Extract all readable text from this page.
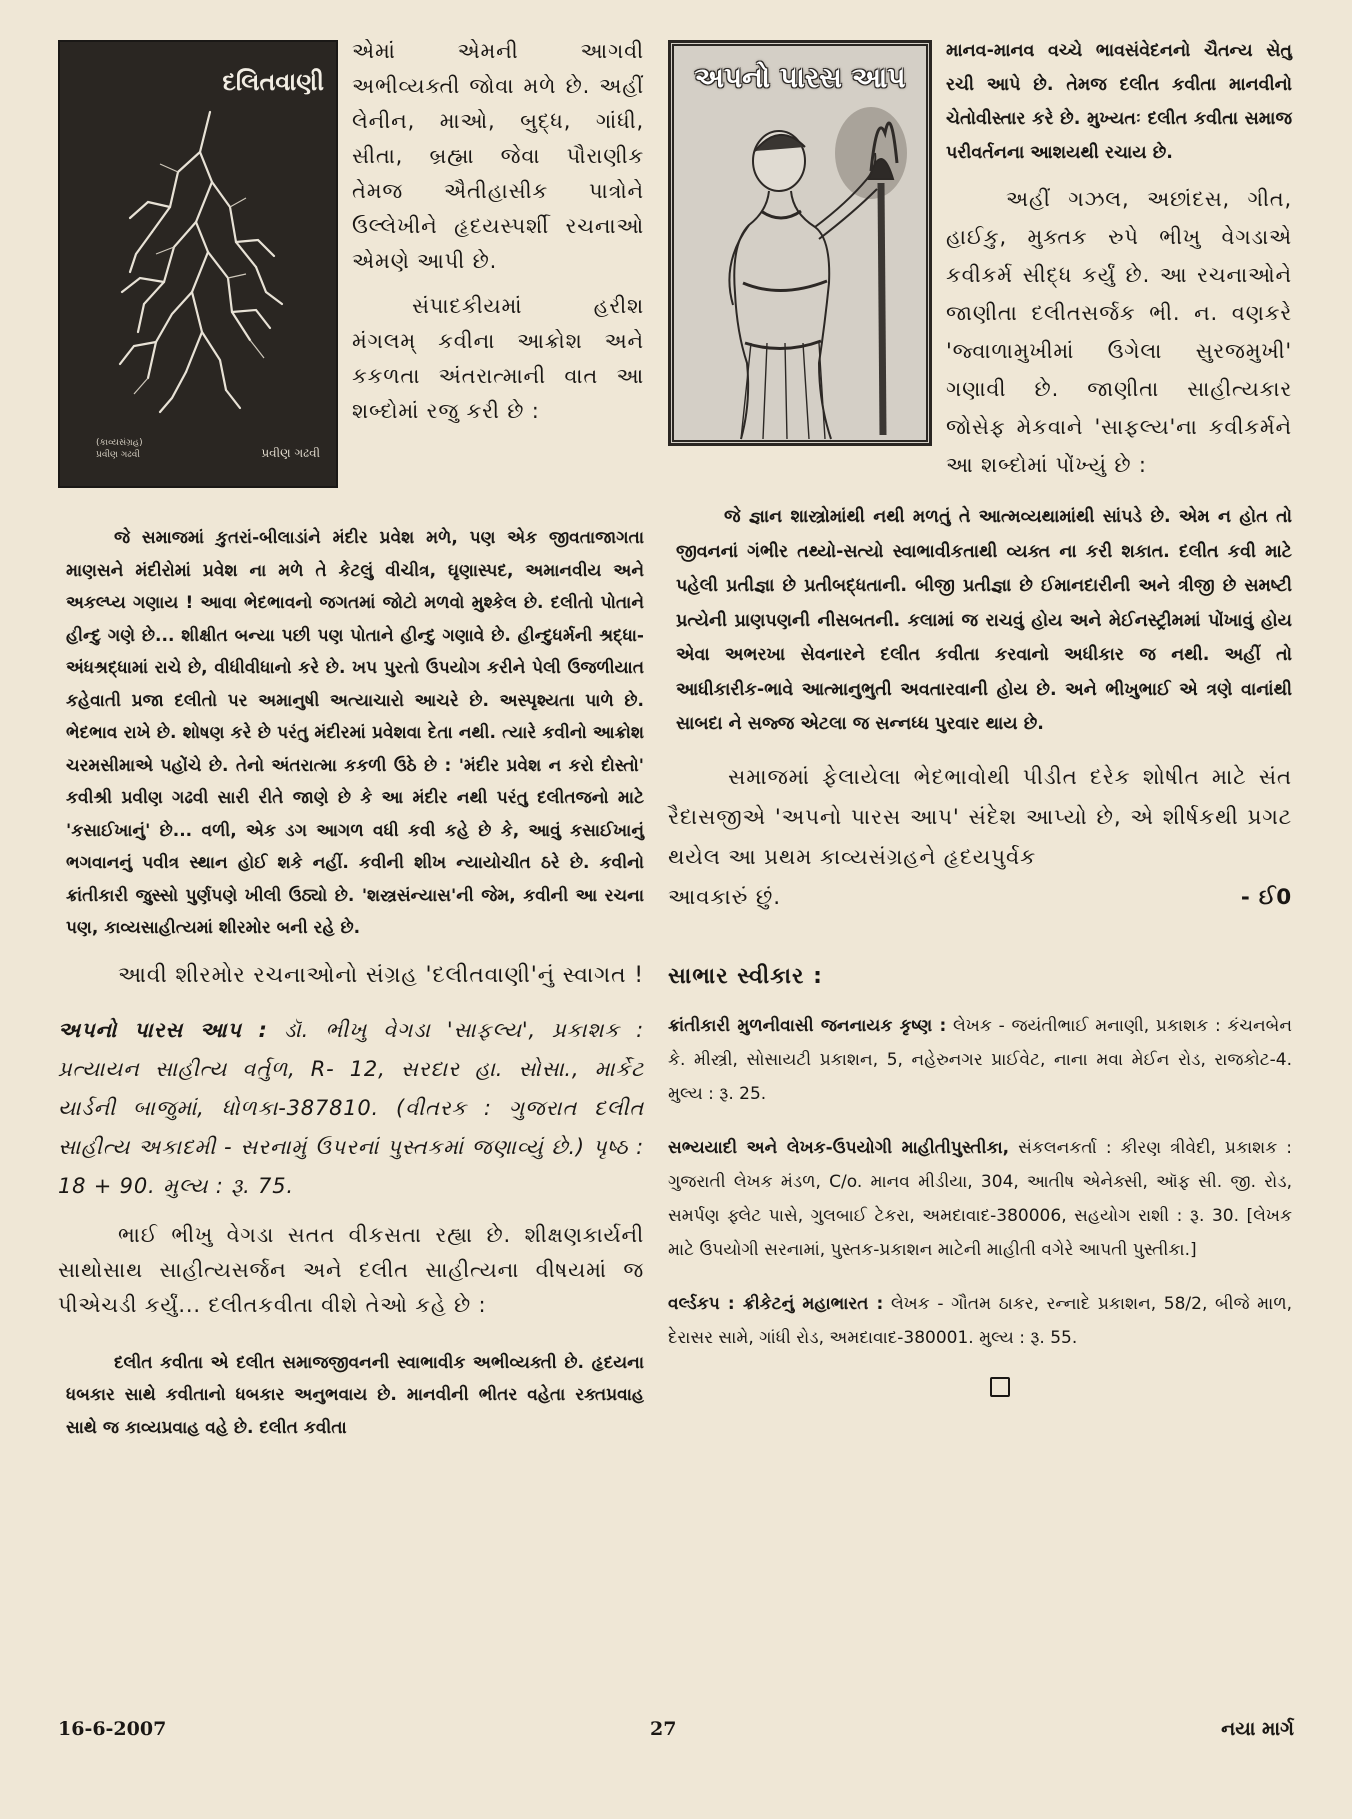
દલિતવાણી
(કાવ્યસંગ્રહ)
પ્રવીણ ગઢવી	પ્રવીણ ગઢવી

એમાં એમની આગવી અભીવ્યક્તી જોવા મળે છે. અહીં લેનીન, માઓ, બુદ્ધ, ગાંધી, સીતા, બ્રહ્મા જેવા પૌરાણીક તેમજ ઐતીહાસીક પાત્રોને ઉલ્લેખીને હૃદયસ્પર્શી રચનાઓ એમણે આપી છે.

સંપાદકીયમાં હરીશ મંગલમ્ કવીના આક્રોશ અને કકળતા અંતરાત્માની વાત આ શબ્દોમાં રજુ કરી છે :

જે સમાજમાં કુતરાં-બીલાડાંને મંદીર પ્રવેશ મળે, પણ એક જીવતાજાગતા માણસને મંદીરોમાં પ્રવેશ ના મળે તે કેટલું વીચીત્ર, ઘૃણાસ્પદ, અમાનવીય અને અકલ્પ્ય ગણાય ! આવા ભેદભાવનો જગતમાં જોટો મળવો મુશ્કેલ છે. દલીતો પોતાને હીન્દુ ગણે છે... શીક્ષીત બન્યા પછી પણ પોતાને હીન્દુ ગણાવે છે. હીન્દુધર્મની શ્રદ્ધા-અંધશ્રદ્ધામાં રાચે છે, વીધીવીધાનો કરે છે. ખપ પુરતો ઉપયોગ કરીને પેલી ઉજળીયાત કહેવાતી પ્રજા દલીતો પર અમાનુષી અત્યાચારો આચરે છે. અસ્પૃશ્યતા પાળે છે. ભેદભાવ રાખે છે. શોષણ કરે છે પરંતુ મંદીરમાં પ્રવેશવા દેતા નથી. ત્યારે કવીનો આક્રોશ ચરમસીમાએ પહોંચે છે. તેનો અંતરાત્મા કકળી ઉઠે છે : 'મંદીર પ્રવેશ ન કરો દોસ્તો' કવીશ્રી પ્રવીણ ગઢવી સારી રીતે જાણે છે કે આ મંદીર નથી પરંતુ દલીતજનો માટે 'કસાઈખાનું' છે... વળી, એક ડગ આગળ વધી કવી કહે છે કે, આવું કસાઈખાનું ભગવાનનું પવીત્ર સ્થાન હોઈ શકે નહીં. કવીની શીખ ન્યાયોચીત ઠરે છે. કવીનો ક્રાંતીકારી જુસ્સો પુર્ણપણે ખીલી ઉઠ્યો છે. 'શસ્ત્રસંન્યાસ'ની જેમ, કવીની આ રચના પણ, કાવ્યસાહીત્યમાં શીરમોર બની રહે છે.

આવી શીરમોર રચનાઓનો સંગ્રહ 'દલીતવાણી'નું સ્વાગત !

અપનો પારસ આપ : ડૉ. ભીખુ વેગડા 'સાફલ્ય', પ્રકાશક : પ્રત્યાયન સાહીત્ય વર્તુળ, R- 12, સરદાર હા. સોસા., માર્કેટ યાર્ડની બાજુમાં, ધોળકા-387810. (વીતરક : ગુજરાત દલીત સાહીત્ય અકાદમી - સરનામું ઉપરનાં પુસ્તકમાં જણાવ્યું છે.) પૃષ્ઠ : 18 + 90. મુલ્ય : રૂ. 75.

ભાઈ ભીખુ વેગડા સતત વીકસતા રહ્યા છે. શીક્ષણકાર્યની સાથોસાથ સાહીત્યસર્જન અને દલીત સાહીત્યના વીષયમાં જ પીએચડી કર્યું... દલીતકવીતા વીશે તેઓ કહે છે :

દલીત કવીતા એ દલીત સમાજજીવનની સ્વાભાવીક અભીવ્યક્તી છે. હૃદયના ધબકાર સાથે કવીતાનો ધબકાર અનુભવાય છે. માનવીની ભીતર વહેતા રક્તપ્રવાહ સાથે જ કાવ્યપ્રવાહ વહે છે. દલીત કવીતા

અપનો પારસ આપ

માનવ-માનવ વચ્ચે ભાવસંવેદનનો ચૈતન્ય સેતુ રચી આપે છે. તેમજ દલીત કવીતા માનવીનો ચેતોવીસ્તાર કરે છે. મુખ્યતઃ દલીત કવીતા સમાજ પરીવર્તનના આશયથી રચાય છે.

અહીં ગઝલ, અછાંદસ, ગીત, હાઈકુ, મુક્તક રુપે ભીખુ વેગડાએ કવીકર્મ સીદ્ધ કર્યું છે. આ રચનાઓને જાણીતા દલીતસર્જક ભી. ન. વણકરે 'જ્વાળામુખીમાં ઉગેલા સુરજમુખી' ગણાવી છે. જાણીતા સાહીત્યકાર જોસેફ મેકવાને 'સાફલ્ય'ના કવીકર્મને આ શબ્દોમાં પોંખ્યું છે :

જે જ્ઞાન શાસ્ત્રોમાંથી નથી મળતું તે આત્મવ્યથામાંથી સાંપડે છે. એમ ન હોત તો જીવનનાં ગંભીર તથ્યો-સત્યો સ્વાભાવીકતાથી વ્યક્ત ના કરી શકાત. દલીત કવી માટે પહેલી પ્રતીજ્ઞા છે પ્રતીબદ્ધતાની. બીજી પ્રતીજ્ઞા છે ઈમાનદારીની અને ત્રીજી છે સમષ્ટી પ્રત્યેની પ્રાણપણની નીસબતની. કલામાં જ રાચવું હોય અને મેઈનસ્ટ્રીમમાં પોંખાવું હોય એવા અભરખા સેવનારને દલીત કવીતા કરવાનો અધીકાર જ નથી. અહીં તો આધીકારીક-ભાવે આત્માનુભુતી અવતારવાની હોય છે. અને ભીખુભાઈ એ ત્રણે વાનાંથી સાબદા ને સજ્જ એટલા જ સન્નધ્ધ પુરવાર થાય છે.

સમાજમાં ફેલાયેલા ભેદભાવોથી પીડીત દરેક શોષીત માટે સંત રૈદાસજીએ 'અપનો પારસ આપ' સંદેશ આપ્યો છે, એ શીર્ષકથી પ્રગટ થયેલ આ પ્રથમ કાવ્યસંગ્રહને હૃદયપુર્વક

આવકારું છું.	- ઈ0
સાભાર સ્વીકાર :

ક્રાંતીકારી મુળનીવાસી જનનાયક કૃષ્ણ : લેખક - જયંતીભાઈ મનાણી, પ્રકાશક : કંચનબેન કે. મીસ્ત્રી, સોસાયટી પ્રકાશન, 5, નહેરુનગર પ્રાઈવેટ, નાના મવા મેઈન રોડ, રાજકોટ-4. મુલ્ય : રૂ. 25.

સભ્યયાદી અને લેખક-ઉપયોગી માહીતીપુસ્તીકા, સંકલનકર્તા : કીરણ ત્રીવેદી, પ્રકાશક : ગુજરાતી લેખક મંડળ, C/o. માનવ મીડીયા, 304, આતીષ એનેક્સી, ઑફ સી. જી. રોડ, સમર્પણ ફ્લેટ પાસે, ગુલબાઈ ટેકરા, અમદાવાદ-380006, સહયોગ રાશી : રૂ. 30. [લેખક માટે ઉપયોગી સરનામાં, પુસ્તક-પ્રકાશન માટેની માહીતી વગેરે આપતી પુસ્તીકા.]

વર્લ્ડકપ : ક્રીકેટનું મહાભારત : લેખક - ગૌતમ ઠાકર, રન્નાદે પ્રકાશન, 58/2, બીજે માળ, દેરાસર સામે, ગાંધી રોડ, અમદાવાદ-380001. મુલ્ય : રૂ. 55.

16-6-2007	27	નયા માર્ગ
